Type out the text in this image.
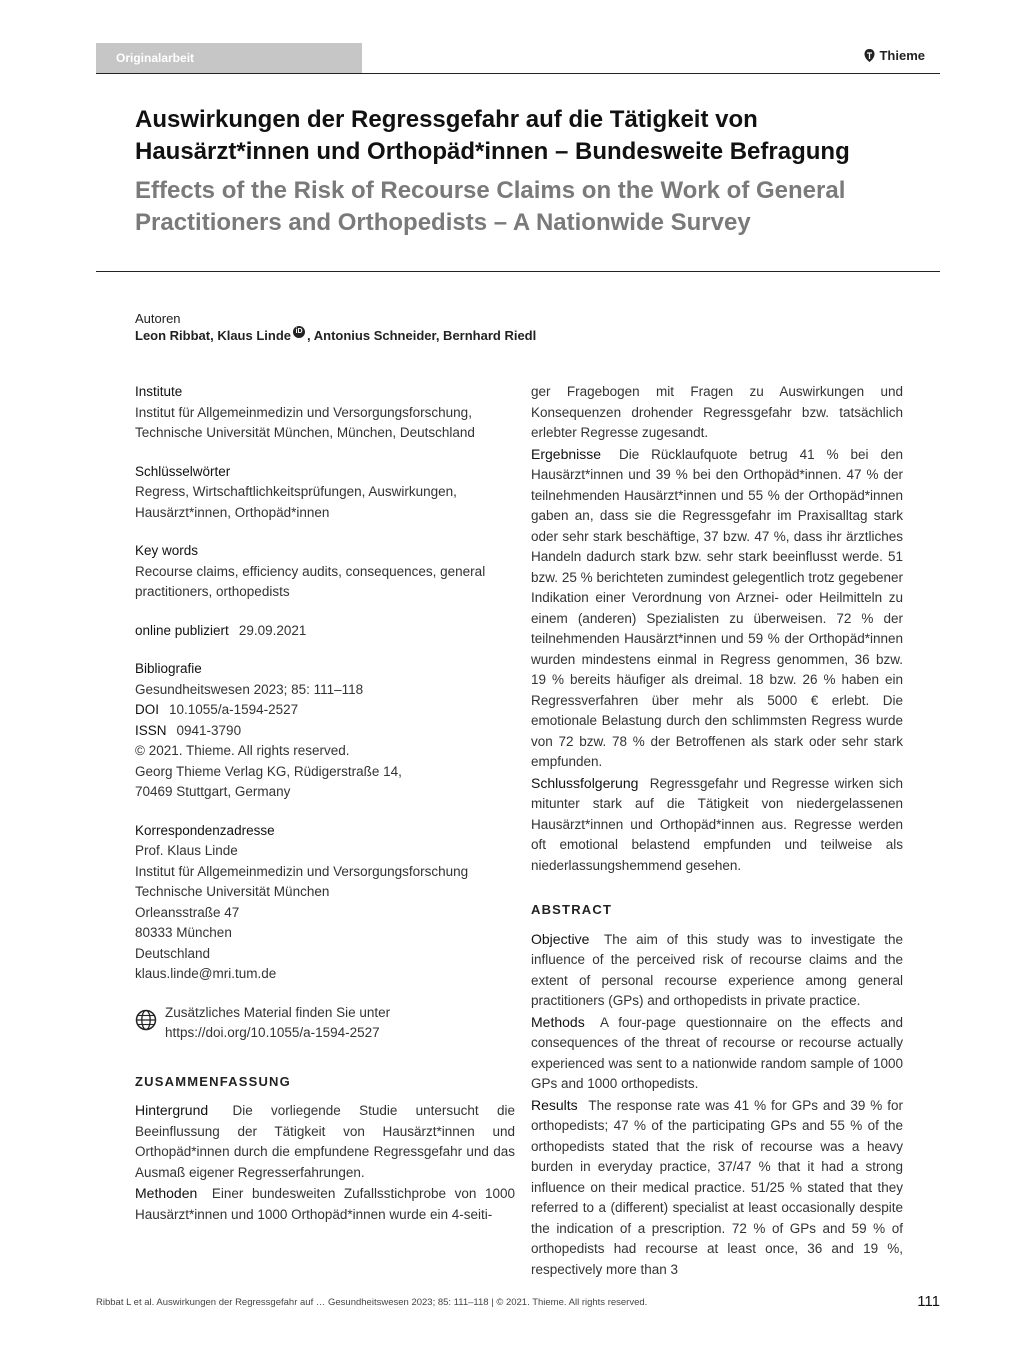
Originalarbeit	Thieme
Auswirkungen der Regressgefahr auf die Tätigkeit von Hausärzt*innen und Orthopäd*innen – Bundesweite Befragung
Effects of the Risk of Recourse Claims on the Work of General Practitioners and Orthopedists – A Nationwide Survey
Autoren
Leon Ribbat, Klaus Linde iD , Antonius Schneider, Bernhard Riedl

Institute

Institut für Allgemeinmedizin und Versorgungsforschung, Technische Universität München, München, Deutschland

Schlüsselwörter

Regress, Wirtschaftlichkeitsprüfungen, Auswirkungen, Hausärzt*innen, Orthopäd*innen

Key words

Recourse claims, efficiency audits, consequences, general practitioners, orthopedists

online publiziert 29.09.2021

Bibliografie

Gesundheitswesen 2023; 85: 111–118

DOI 10.1055/a-1594-2527

ISSN 0941-3790

© 2021. Thieme. All rights reserved.

Georg Thieme Verlag KG, Rüdigerstraße 14,

70469 Stuttgart, Germany

Korrespondenzadresse

Prof. Klaus Linde

Institut für Allgemeinmedizin und Versorgungsforschung

Technische Universität München

Orleansstraße 47

80333 München

Deutschland

klaus.linde@mri.tum.de

Zusätzliches Material finden Sie unter https://doi.org/10.1055/a-1594-2527

ZUSAMMENFASSUNG

Hintergrund Die vorliegende Studie untersucht die Beeinflussung der Tätigkeit von Hausärzt*innen und Orthopäd*innen durch die empfundene Regressgefahr und das Ausmaß eigener Regresserfahrungen.

Methoden Einer bundesweiten Zufallsstichprobe von 1000 Hausärzt*innen und 1000 Orthopäd*innen wurde ein 4-seiti-

ger Fragebogen mit Fragen zu Auswirkungen und Konsequenzen drohender Regressgefahr bzw. tatsächlich erlebter Regresse zugesandt.

Ergebnisse Die Rücklaufquote betrug 41 % bei den Hausärzt*innen und 39 % bei den Orthopäd*innen. 47 % der teilnehmenden Hausärzt*innen und 55 % der Orthopäd*innen gaben an, dass sie die Regressgefahr im Praxisalltag stark oder sehr stark beschäftige, 37 bzw. 47 %, dass ihr ärztliches Handeln dadurch stark bzw. sehr stark beeinflusst werde. 51 bzw. 25 % berichteten zumindest gelegentlich trotz gegebener Indikation einer Verordnung von Arznei- oder Heilmitteln zu einem (anderen) Spezialisten zu überweisen. 72 % der teilnehmenden Hausärzt*innen und 59 % der Orthopäd*innen wurden mindestens einmal in Regress genommen, 36 bzw. 19 % bereits häufiger als dreimal. 18 bzw. 26 % haben ein Regressverfahren über mehr als 5000 € erlebt. Die emotionale Belastung durch den schlimmsten Regress wurde von 72 bzw. 78 % der Betroffenen als stark oder sehr stark empfunden.

Schlussfolgerung Regressgefahr und Regresse wirken sich mitunter stark auf die Tätigkeit von niedergelassenen Hausärzt*innen und Orthopäd*innen aus. Regresse werden oft emotional belastend empfunden und teilweise als niederlassungshemmend gesehen.

ABSTRACT

Objective The aim of this study was to investigate the influence of the perceived risk of recourse claims and the extent of personal recourse experience among general practitioners (GPs) and orthopedists in private practice.

Methods A four-page questionnaire on the effects and consequences of the threat of recourse or recourse actually experienced was sent to a nationwide random sample of 1000 GPs and 1000 orthopedists.

Results The response rate was 41 % for GPs and 39 % for orthopedists; 47 % of the participating GPs and 55 % of the orthopedists stated that the risk of recourse was a heavy burden in everyday practice, 37/47 % that it had a strong influence on their medical practice. 51/25 % stated that they referred to a (different) specialist at least occasionally despite the indication of a prescription. 72 % of GPs and 59 % of orthopedists had recourse at least once, 36 and 19 %, respectively more than 3

Ribbat L et al. Auswirkungen der Regressgefahr auf … Gesundheitswesen 2023; 85: 111–118 | © 2021. Thieme. All rights reserved.	111
